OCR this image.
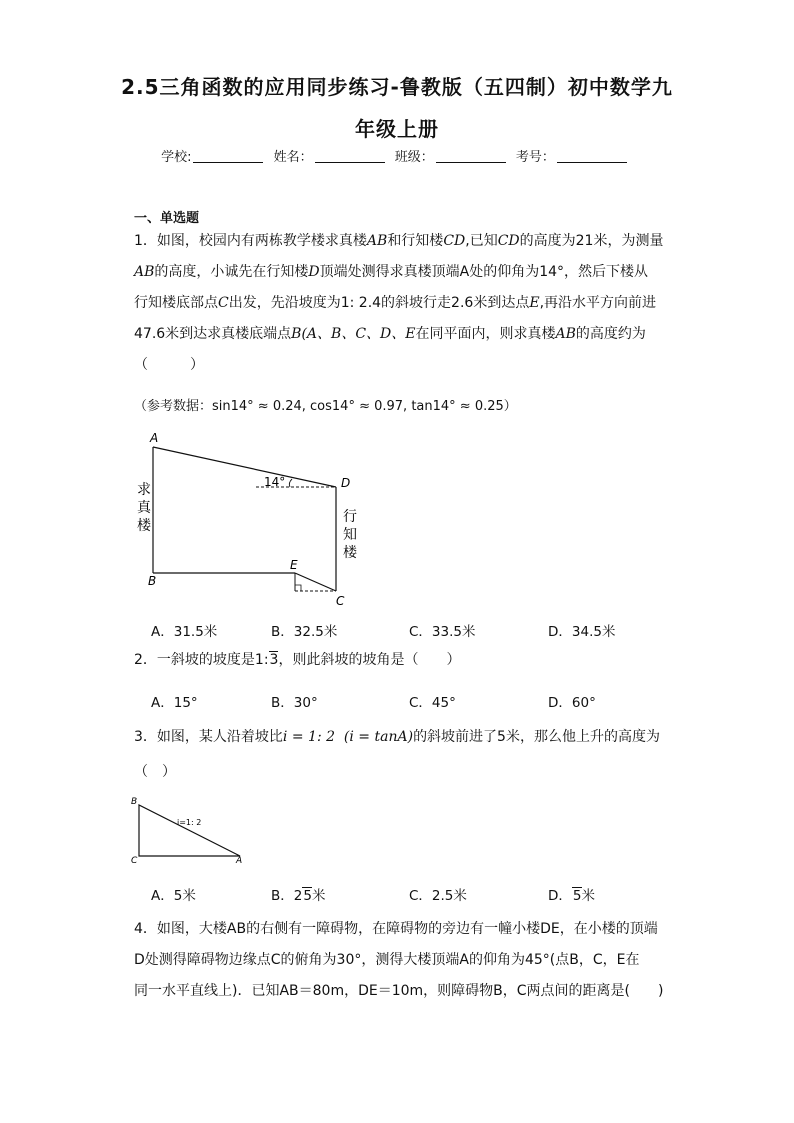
2.5三角函数的应用同步练习-鲁教版（五四制）初中数学九
年级上册
学校:	姓名：	班级：	考号：
一、单选题
1．如图，校园内有两栋教学楼求真楼AB和行知楼CD,已知CD的高度为21米，为测量
AB的高度，小诚先在行知楼D顶端处测得求真楼顶端A处的仰角为14°，然后下楼从
行知楼底部点C出发，先沿坡度为1: 2.4的斜坡行走2.6米到达点E,再沿水平方向前进
47.6米到达求真楼底端点B(A、B、C、D、E在同平面内，则求真楼AB的高度约为
（　　　）
（参考数据：sin14° ≈ 0.24, cos14° ≈ 0.97, tan14° ≈ 0.25）
14°
A
B
C
D
E
求
真
楼
行
知
楼
A．31.5米	B．32.5米	C．33.5米	D．34.5米
2．一斜坡的坡度是1:3，则此斜坡的坡角是（　　）
A．15°	B．30°	C．45°	D．60°
3．如图，某人沿着坡比i = 1: 2 (i = tanA)的斜坡前进了5米，那么他上升的高度为
（　）
B
C	A
i=1: 2
A．5米	B．25米	C．2.5米	D．5米
4．如图，大楼AB的右侧有一障碍物，在障碍物的旁边有一幢小楼DE，在小楼的顶端
D处测得障碍物边缘点C的俯角为30°，测得大楼顶端A的仰角为45°(点B，C，E在
同一水平直线上)．已知AB＝80m，DE＝10m，则障碍物B，C两点间的距离是(　　)
